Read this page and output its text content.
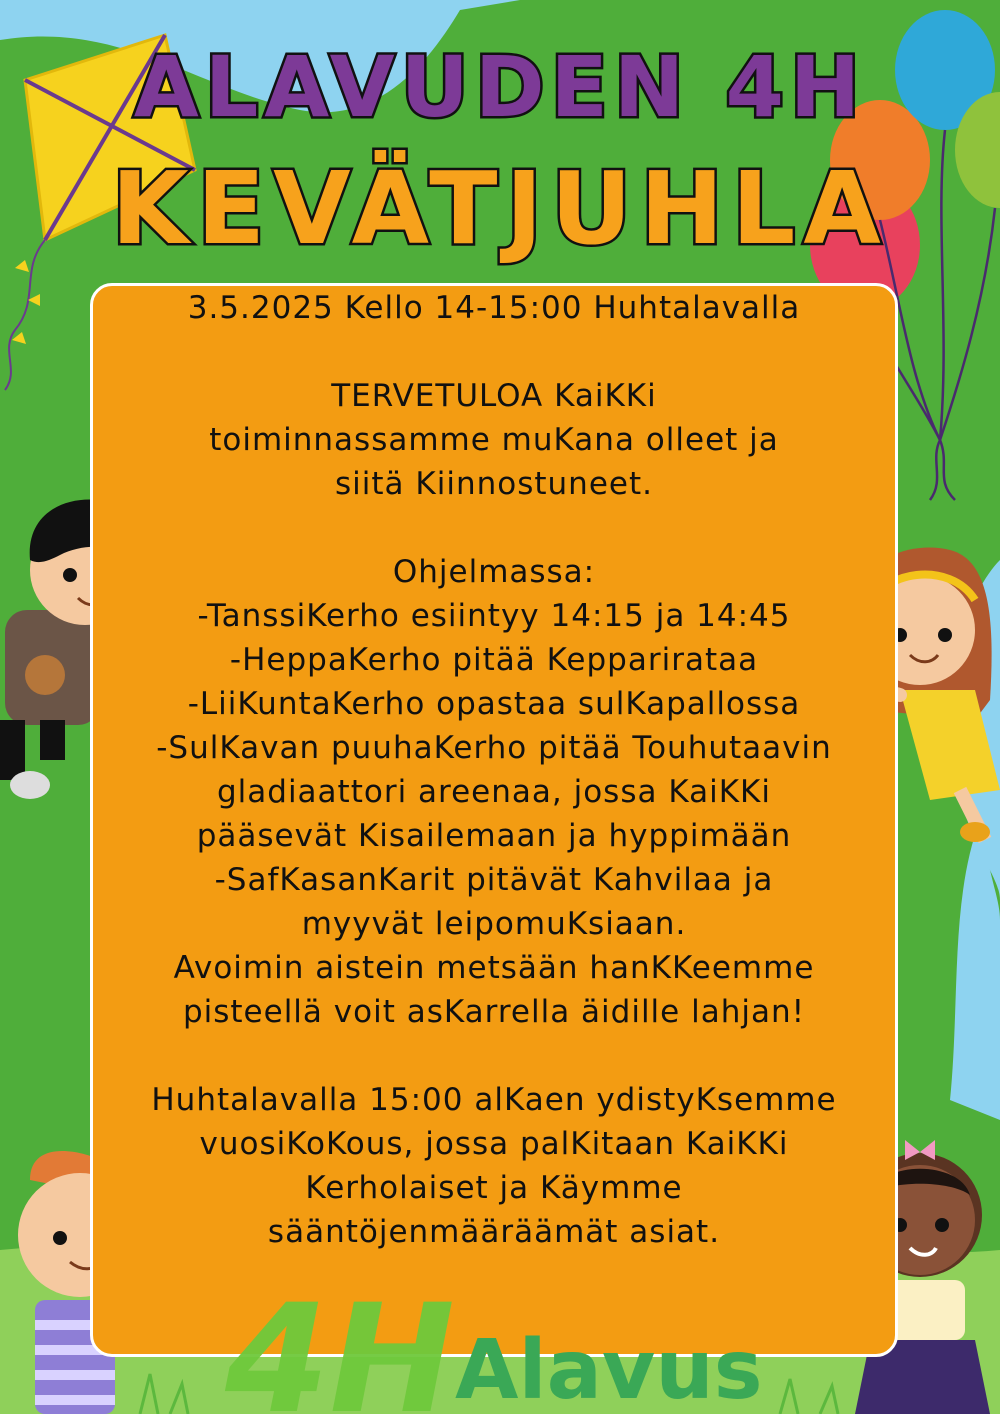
ALAVUDEN 4H
KEVÄTJUHLA
4H Alavus
3.5.2025 Kello 14-15:00 Huhtalavalla
TERVETULOA KaiKKi
toiminnassamme muKana olleet ja
siitä Kiinnostuneet.
Ohjelmassa:
-TanssiKerho esiintyy 14:15 ja 14:45
-HeppaKerho pitää Keppariratаa
-LiiKuntaKerho opastaa sulKapallossa
-SulKavan puuhaKerho pitää Touhutaavin
gladiaattori areenaa, jossa KaiKKi
pääsevät Kisailemaan ja hyppimään
-SafKasanKarit pitävät Kahvilaa ja
myyvät leipomuKsiaan.
Avoimin aistein metsään hanKKeemme
pisteellä voit asKarrella äidille lahjan!
Huhtalavalla 15:00 alKaen ydistyKsemme
vuosiKoKous, jossa palKitaan KaiKKi
Kerholaiset ja Käymme
sääntöjenmääräämät asiat.
